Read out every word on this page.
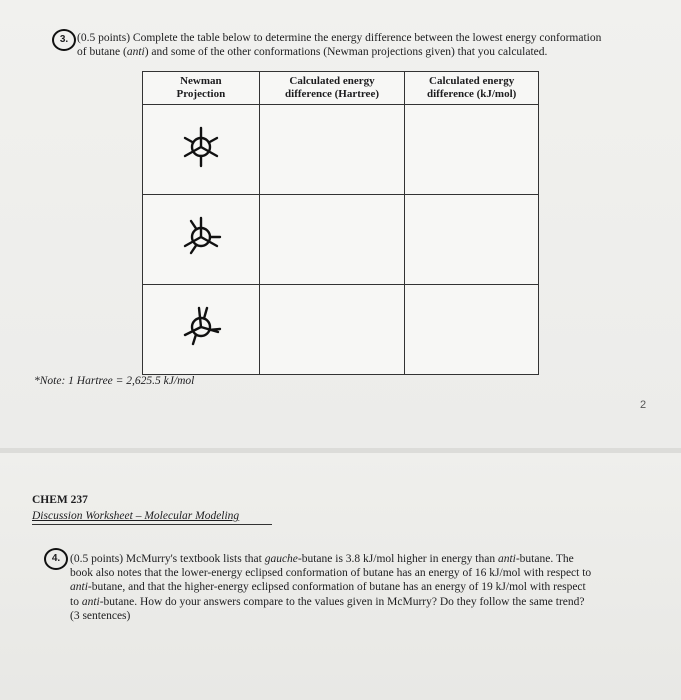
3. (0.5 points) Complete the table below to determine the energy difference between the lowest energy conformation
of butane (anti) and some of the other conformations (Newman projections given) that you calculated.
Newman
Projection	Calculated energy
difference (Hartree)	Calculated energy
difference (kJ/mol)

*Note: 1 Hartree = 2,625.5 kJ/mol
2
CHEM 237
Discussion Worksheet – Molecular Modeling
4. (0.5 points) McMurry's textbook lists that gauche-butane is 3.8 kJ/mol higher in energy than anti-butane. The
book also notes that the lower-energy eclipsed conformation of butane has an energy of 16 kJ/mol with respect to
anti-butane, and that the higher-energy eclipsed conformation of butane has an energy of 19 kJ/mol with respect
to anti-butane. How do your answers compare to the values given in McMurry? Do they follow the same trend?
(3 sentences)
